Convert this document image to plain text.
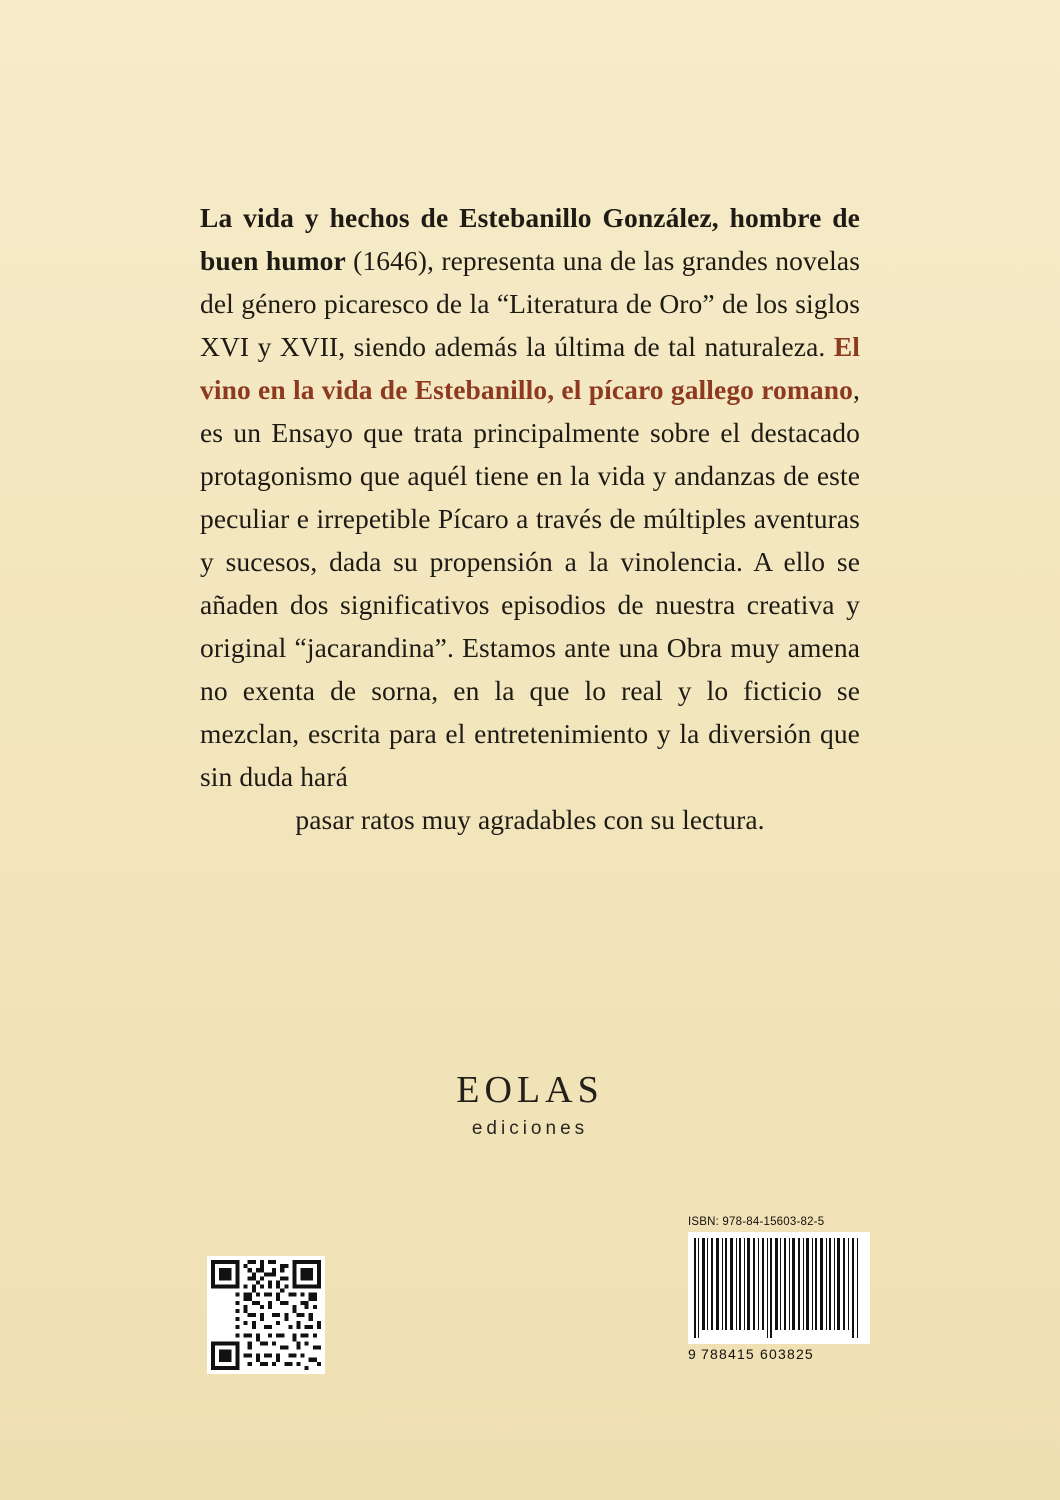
La vida y hechos de Estebanillo González, hombre de buen humor (1646), representa una de las grandes novelas del género picaresco de la “Literatura de Oro” de los siglos XVI y XVII, siendo además la última de tal naturaleza. El vino en la vida de Estebanillo, el pícaro gallego romano, es un Ensayo que trata principalmente sobre el destacado protagonismo que aquél tiene en la vida y andanzas de este peculiar e irrepetible Pícaro a través de múltiples aventuras y sucesos, dada su propensión a la vinolencia. A ello se añaden dos significativos episodios de nuestra creativa y original “jacarandina”. Estamos ante una Obra muy amena no exenta de sorna, en la que lo real y lo ficticio se mezclan, escrita para el entretenimiento y la diversión que sin duda hará
pasar ratos muy agradables con su lectura.

EOLAS
ediciones
ISBN: 978-84-15603-82-5
9 788415 603825
